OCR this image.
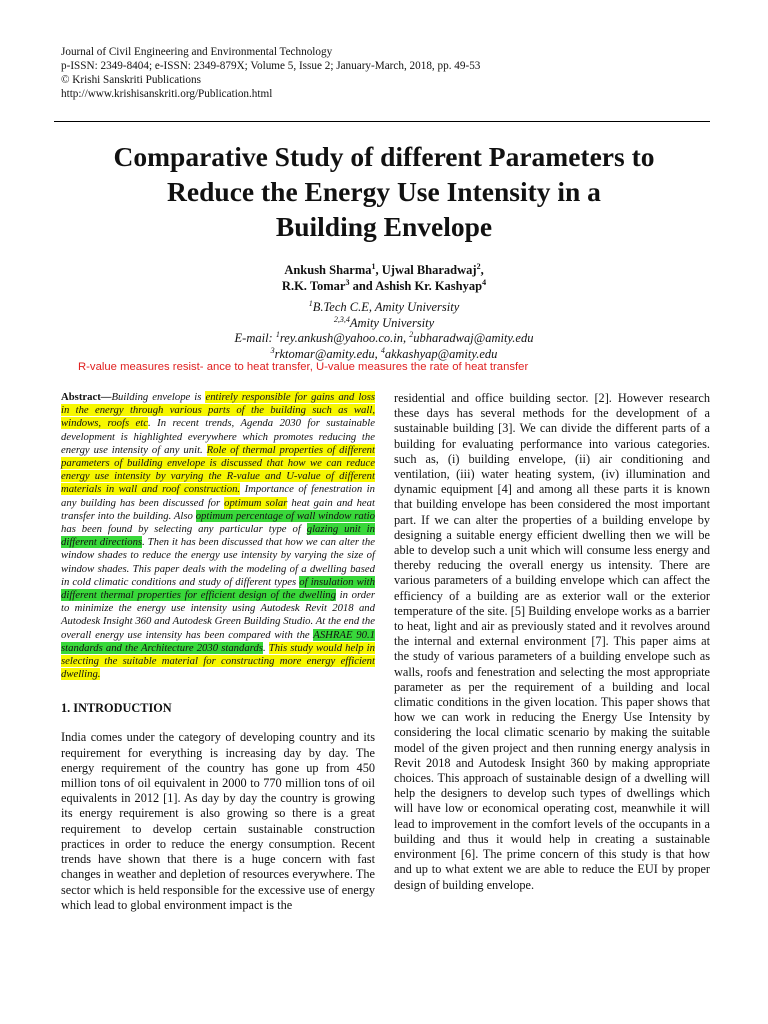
Journal of Civil Engineering and Environmental Technology
p-ISSN: 2349-8404; e-ISSN: 2349-879X; Volume 5, Issue 2; January-March, 2018, pp. 49-53
© Krishi Sanskriti Publications
http://www.krishisanskriti.org/Publication.html
Comparative Study of different Parameters to
Reduce the Energy Use Intensity in a
Building Envelope
Ankush Sharma$^1$, Ujwal Bharadwaj$^2$,
R.K. Tomar$^3$ and Ashish Kr. Kashyap$^4$
$^1$B.Tech C.E, Amity University
$^{2,3,4}$Amity University
E-mail: $^1$rey.ankush@yahoo.co.in, $^2$ubharadwaj@amity.edu
$^3$rktomar@amity.edu, $^4$akkashyap@amity.edu
R-value measures resist- ance to heat transfer, U-value measures the rate of heat transfer

Abstract—Building envelope is entirely responsible for gains and loss in the energy through various parts of the building such as wall, windows, roofs etc. In recent trends, Agenda 2030 for sustainable development is highlighted everywhere which promotes reducing the energy use intensity of any unit. Role of thermal properties of different parameters of building envelope is discussed that how we can reduce energy use intensity by varying the R-value and U-value of different materials in wall and roof construction. Importance of fenestration in any building has been discussed for optimum solar heat gain and heat transfer into the building. Also optimum percentage of wall window ratio has been found by selecting any particular type of glazing unit in different directions. Then it has been discussed that how we can alter the window shades to reduce the energy use intensity by varying the size of window shades. This paper deals with the modeling of a dwelling based in cold climatic conditions and study of different types of insulation with different thermal properties for efficient design of the dwelling in order to minimize the energy use intensity using Autodesk Revit 2018 and Autodesk Insight 360 and Autodesk Green Building Studio. At the end the overall energy use intensity has been compared with the ASHRAE 90.1 standards and the Architecture 2030 standards. This study would help in selecting the suitable material for constructing more energy efficient dwelling.

1. INTRODUCTION

India comes under the category of developing country and its requirement for everything is increasing day by day. The energy requirement of the country has gone up from 450 million tons of oil equivalent in 2000 to 770 million tons of oil equivalents in 2012 [1]. As day by day the country is growing its energy requirement is also growing so there is a great requirement to develop certain sustainable construction practices in order to reduce the energy consumption. Recent trends have shown that there is a huge concern with fast changes in weather and depletion of resources everywhere. The sector which is held responsible for the excessive use of energy which lead to global environment impact is the

residential and office building sector. [2]. However research these days has several methods for the development of a sustainable building [3]. We can divide the different parts of a building for evaluating performance into various categories. such as, (i) building envelope, (ii) air conditioning and ventilation, (iii) water heating system, (iv) illumination and dynamic equipment [4] and among all these parts it is known that building envelope has been considered the most important part. If we can alter the properties of a building envelope by designing a suitable energy efficient dwelling then we will be able to develop such a unit which will consume less energy and thereby reducing the overall energy us intensity. There are various parameters of a building envelope which can affect the efficiency of a building are as exterior wall or the exterior temperature of the site. [5] Building envelope works as a barrier to heat, light and air as previously stated and it revolves around the internal and external environment [7]. This paper aims at the study of various parameters of a building envelope such as walls, roofs and fenestration and selecting the most appropriate parameter as per the requirement of a building and local climatic conditions in the given location. This paper shows that how we can work in reducing the Energy Use Intensity by considering the local climatic scenario by making the suitable model of the given project and then running energy analysis in Revit 2018 and Autodesk Insight 360 by making appropriate choices. This approach of sustainable design of a dwelling will help the designers to develop such types of dwellings which will have low or economical operating cost, meanwhile it will lead to improvement in the comfort levels of the occupants in a building and thus it would help in creating a sustainable environment [6]. The prime concern of this study is that how and up to what extent we are able to reduce the EUI by proper design of building envelope.
